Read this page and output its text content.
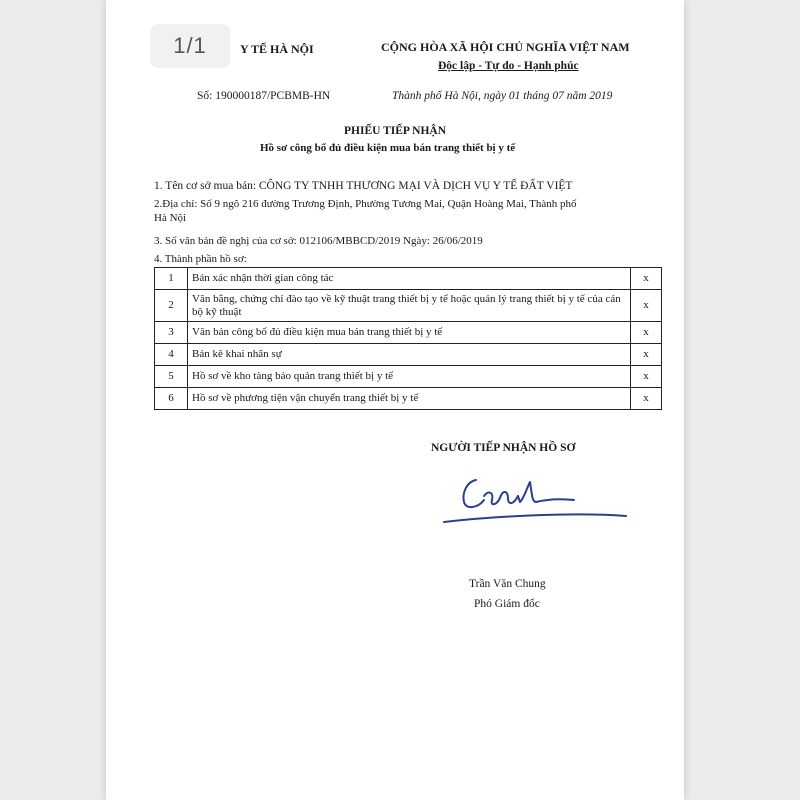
1/1	Y TẾ HÀ NỘI	CỘNG HÒA XÃ HỘI CHỦ NGHĨA VIỆT NAM
Độc lập - Tự do - Hạnh phúc
Số: 190000187/PCBMB-HN	Thành phố Hà Nội, ngày 01 tháng 07 năm 2019
PHIẾU TIẾP NHẬN
Hồ sơ công bố đủ điều kiện mua bán trang thiết bị y tế
1. Tên cơ sở mua bán: CÔNG TY TNHH THƯƠNG MẠI VÀ DỊCH VỤ Y TẾ ĐẤT VIỆT
2.Địa chỉ: Số 9 ngõ 216 đường Trương Định, Phường Tương Mai, Quận Hoàng Mai, Thành phố
Hà Nội
3. Số văn bản đề nghị của cơ sở: 012106/MBBCD/2019 Ngày: 26/06/2019
4. Thành phần hồ sơ:
1	Bản xác nhận thời gian công tác	x
2	Văn bằng, chứng chỉ đào tạo về kỹ thuật trang thiết bị y tế hoặc quản lý trang thiết bị y tế của cán bộ kỹ thuật	x
3	Văn bản công bố đủ điều kiện mua bán trang thiết bị y tế	x
4	Bản kê khai nhân sự	x
5	Hồ sơ về kho tàng bảo quản trang thiết bị y tế	x
6	Hồ sơ về phương tiện vận chuyển trang thiết bị y tế	x
NGƯỜI TIẾP NHẬN HỒ SƠ
Trần Văn Chung
Phó Giám đốc
